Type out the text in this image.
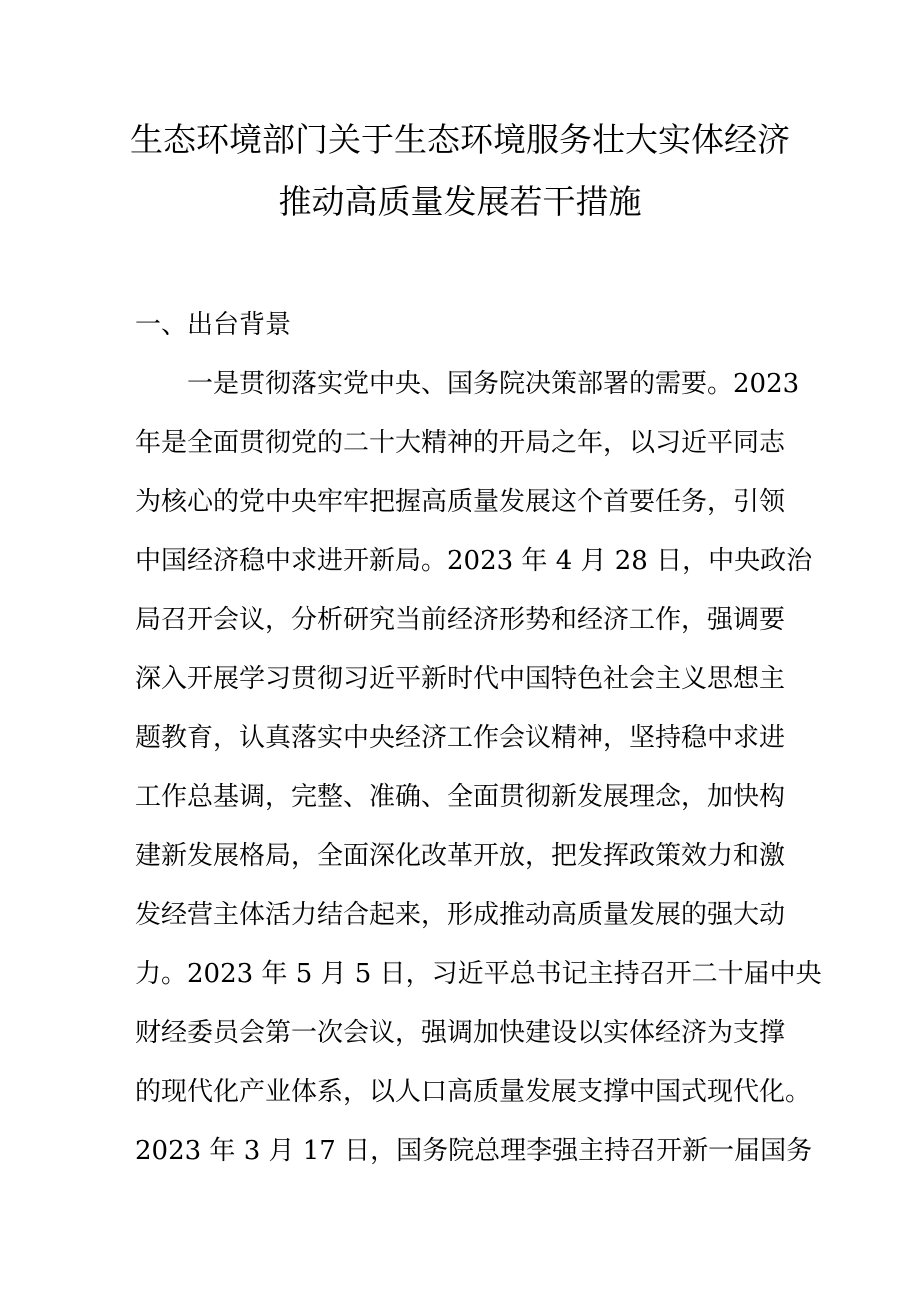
生态环境部门关于生态环境服务壮大实体经济
推动高质量发展若干措施
一、出台背景
一是贯彻落实党中央、国务院决策部署的需要。2023
年是全面贯彻党的二十大精神的开局之年，以习近平同志
为核心的党中央牢牢把握高质量发展这个首要任务，引领
中国经济稳中求进开新局。2023 年 4 月 28 日，中央政治
局召开会议，分析研究当前经济形势和经济工作，强调要
深入开展学习贯彻习近平新时代中国特色社会主义思想主
题教育，认真落实中央经济工作会议精神，坚持稳中求进
工作总基调，完整、准确、全面贯彻新发展理念，加快构
建新发展格局，全面深化改革开放，把发挥政策效力和激
发经营主体活力结合起来，形成推动高质量发展的强大动
力。2023 年 5 月 5 日，习近平总书记主持召开二十届中央
财经委员会第一次会议，强调加快建设以实体经济为支撑
的现代化产业体系，以人口高质量发展支撑中国式现代化。
2023 年 3 月 17 日，国务院总理李强主持召开新一届国务
